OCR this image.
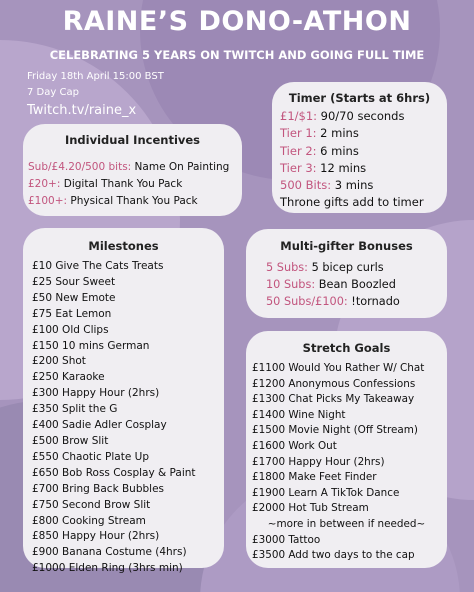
RAINE’S DONO-ATHON
CELEBRATING 5 YEARS ON TWITCH AND GOING FULL TIME
Friday 18th April 15:00 BST
7 Day Cap
Twitch.tv/raine_x
Individual Incentives
Sub/£4.20/500 bits: Name On Painting
£20+: Digital Thank You Pack
£100+: Physical Thank You Pack
Timer (Starts at 6hrs)
£1/$1: 90/70 seconds
Tier 1: 2 mins
Tier 2: 6 mins
Tier 3: 12 mins
500 Bits: 3 mins
Throne gifts add to timer
Milestones
£10 Give The Cats Treats
£25 Sour Sweet
£50 New Emote
£75 Eat Lemon
£100 Old Clips
£150 10 mins German
£200 Shot
£250 Karaoke
£300 Happy Hour (2hrs)
£350 Split the G
£400 Sadie Adler Cosplay
£500 Brow Slit
£550 Chaotic Plate Up
£650 Bob Ross Cosplay & Paint
£700 Bring Back Bubbles
£750 Second Brow Slit
£800 Cooking Stream
£850 Happy Hour (2hrs)
£900 Banana Costume (4hrs)
£1000 Elden Ring (3hrs min)
Multi-gifter Bonuses
5 Subs: 5 bicep curls
10 Subs: Bean Boozled
50 Subs/£100: !tornado
Stretch Goals
£1100 Would You Rather W/ Chat
£1200 Anonymous Confessions
£1300 Chat Picks My Takeaway
£1400 Wine Night
£1500 Movie Night (Off Stream)
£1600 Work Out
£1700 Happy Hour (2hrs)
£1800 Make Feet Finder
£1900 Learn A TikTok Dance
£2000 Hot Tub Stream
~more in between if needed~
£3000 Tattoo
£3500 Add two days to the cap
